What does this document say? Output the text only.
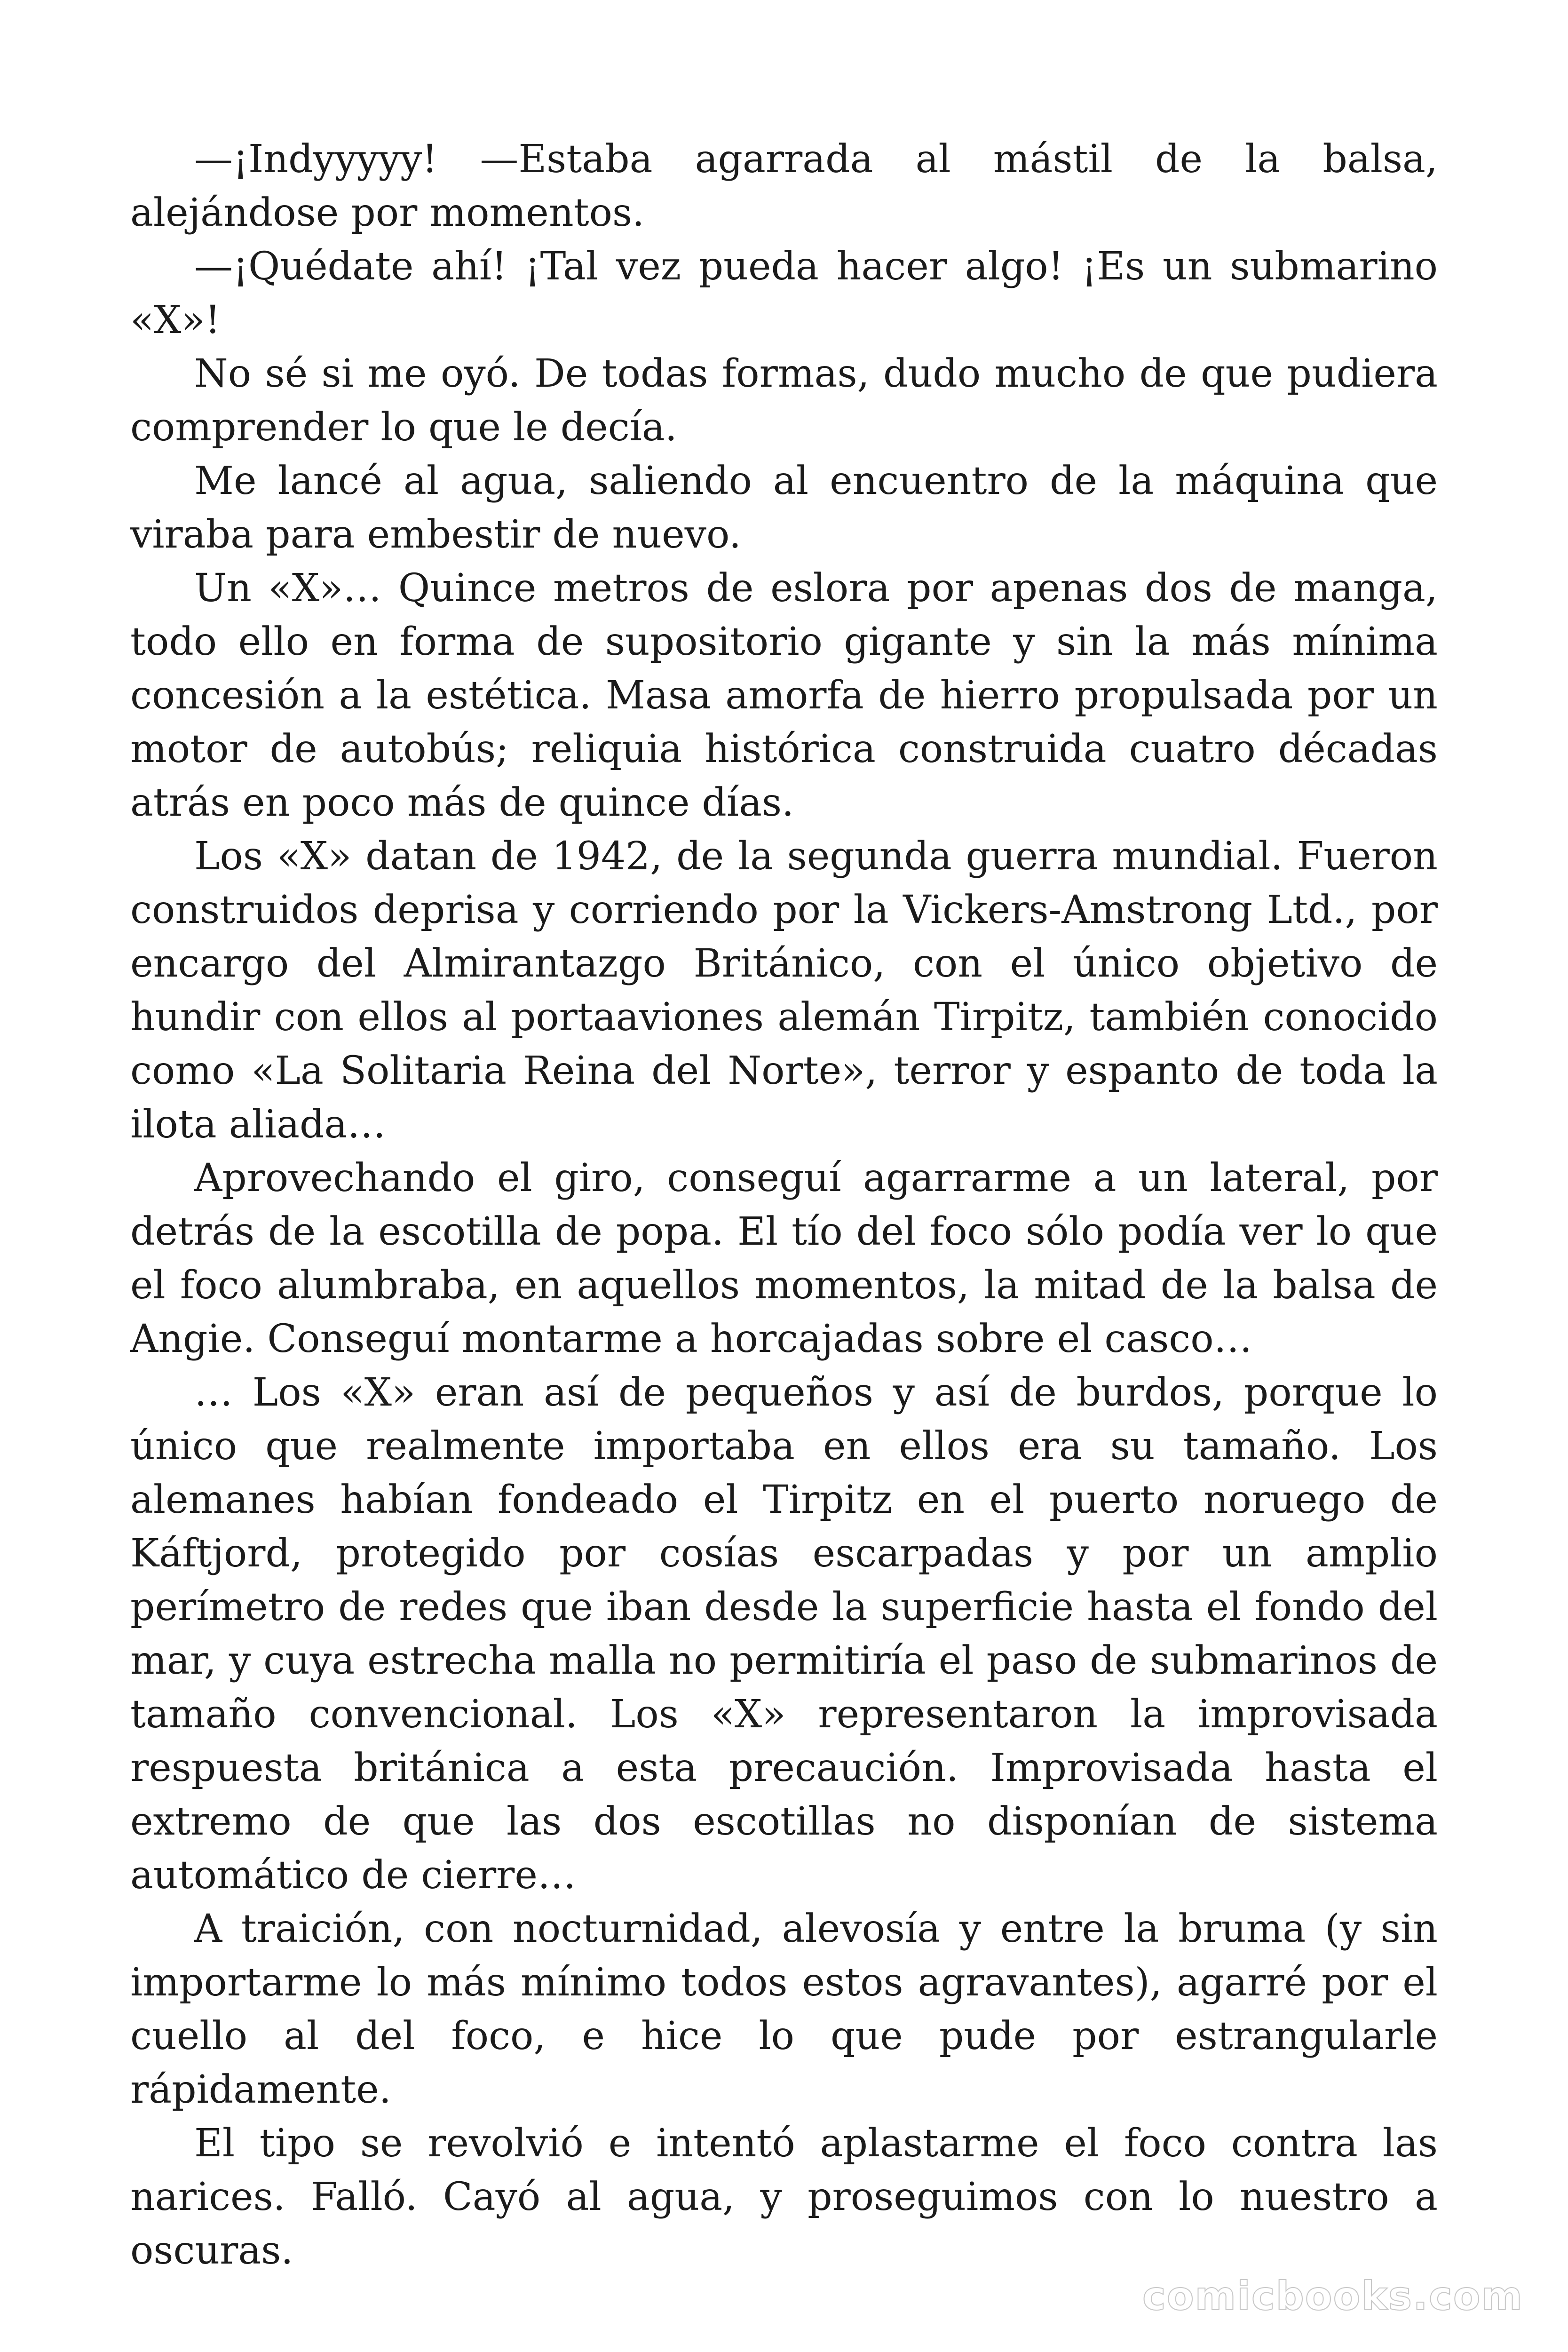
—¡Indyyyyy! —Estaba agarrada al mástil de la balsa, alejándose por momentos.

—¡Quédate ahí! ¡Tal vez pueda hacer algo! ¡Es un submarino «X»!

No sé si me oyó. De todas formas, dudo mucho de que pudiera comprender lo que le decía.

Me lancé al agua, saliendo al encuentro de la máquina que viraba para embestir de nuevo.

Un «X»… Quince metros de eslora por apenas dos de manga, todo ello en forma de supositorio gigante y sin la más mínima concesión a la estética. Masa amorfa de hierro propulsada por un motor de autobús; reliquia histórica construida cuatro décadas atrás en poco más de quince días.

Los «X» datan de 1942, de la segunda guerra mundial. Fueron construidos deprisa y corriendo por la Vickers-Amstrong Ltd., por encargo del Almirantazgo Británico, con el único objetivo de hundir con ellos al portaaviones alemán Tirpitz, también conocido como «La Solitaria Reina del Norte», terror y espanto de toda la ilota aliada…

Aprovechando el giro, conseguí agarrarme a un lateral, por detrás de la escotilla de popa. El tío del foco sólo podía ver lo que el foco alumbraba, en aquellos momentos, la mitad de la balsa de Angie. Conseguí montarme a horcajadas sobre el casco…

… Los «X» eran así de pequeños y así de burdos, porque lo único que realmente importaba en ellos era su tamaño. Los alemanes habían fondeado el Tirpitz en el puerto noruego de Káftjord, protegido por cosías escarpadas y por un amplio perímetro de redes que iban desde la superficie hasta el fondo del mar, y cuya estrecha malla no permitiría el paso de submarinos de tamaño convencional. Los «X» representaron la improvisada respuesta británica a esta precaución. Improvisada hasta el extremo de que las dos escotillas no disponían de sistema automático de cierre…

A traición, con nocturnidad, alevosía y entre la bruma (y sin importarme lo más mínimo todos estos agravantes), agarré por el cuello al del foco, e hice lo que pude por estrangularle rápidamente.

El tipo se revolvió e intentó aplastarme el foco contra las narices. Falló. Cayó al agua, y proseguimos con lo nuestro a oscuras.

comicbooks.com
